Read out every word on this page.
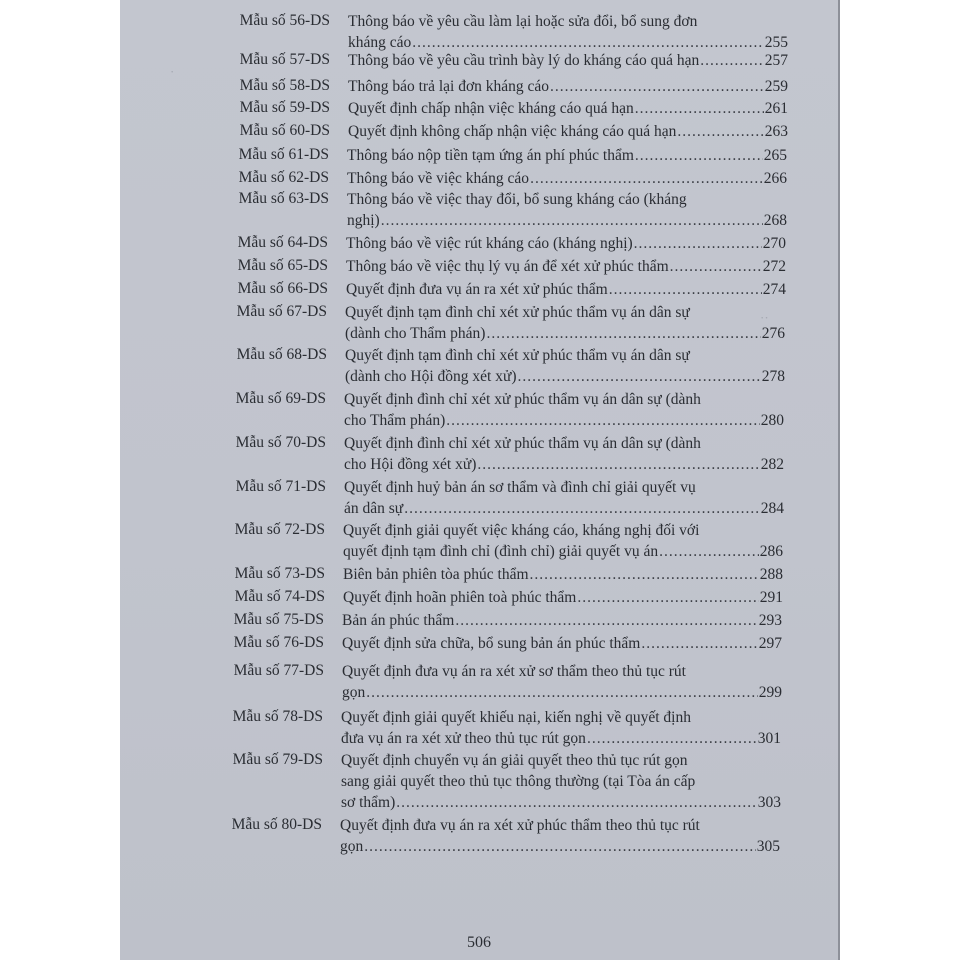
·
··
Mẫu số 56-DS Thông báo về yêu cầu làm lại hoặc sửa đổi, bổ sung đơn
kháng cáo .....	255
Mẫu số 57-DS Thông báo về yêu cầu trình bày lý do kháng cáo quá hạn .....	257
Mẫu số 58-DS Thông báo trả lại đơn kháng cáo .....	259
Mẫu số 59-DS Quyết định chấp nhận việc kháng cáo quá hạn .....	261
Mẫu số 60-DS Quyết định không chấp nhận việc kháng cáo quá hạn .....	263
Mẫu số 61-DS Thông báo nộp tiền tạm ứng án phí phúc thẩm .....	265
Mẫu số 62-DS Thông báo về việc kháng cáo .....	266
Mẫu số 63-DS Thông báo về việc thay đổi, bổ sung kháng cáo (kháng
nghị) .....	268
Mẫu số 64-DS Thông báo về việc rút kháng cáo (kháng nghị) .....	270
Mẫu số 65-DS Thông báo về việc thụ lý vụ án để xét xử phúc thẩm .....	272
Mẫu số 66-DS Quyết định đưa vụ án ra xét xử phúc thẩm .....	274
Mẫu số 67-DS Quyết định tạm đình chỉ xét xử phúc thẩm vụ án dân sự
(dành cho Thẩm phán) .....	276
Mẫu số 68-DS Quyết định tạm đình chỉ xét xử phúc thẩm vụ án dân sự
(dành cho Hội đồng xét xử) .....	278
Mẫu số 69-DS Quyết định đình chỉ xét xử phúc thẩm vụ án dân sự (dành
cho Thẩm phán) .....	280
Mẫu số 70-DS Quyết định đình chỉ xét xử phúc thẩm vụ án dân sự (dành
cho Hội đồng xét xử) .....	282
Mẫu số 71-DS Quyết định huỷ bản án sơ thẩm và đình chỉ giải quyết vụ
án dân sự .....	284
Mẫu số 72-DS Quyết định giải quyết việc kháng cáo, kháng nghị đối với
quyết định tạm đình chỉ (đình chỉ) giải quyết vụ án .....	286
Mẫu số 73-DS Biên bản phiên tòa phúc thẩm .....	288
Mẫu số 74-DS Quyết định hoãn phiên toà phúc thẩm .....	291
Mẫu số 75-DS Bản án phúc thẩm .....	293
Mẫu số 76-DS Quyết định sửa chữa, bổ sung bản án phúc thẩm .....	297
Mẫu số 77-DS Quyết định đưa vụ án ra xét xử sơ thẩm theo thủ tục rút
gọn .....	299
Mẫu số 78-DS Quyết định giải quyết khiếu nại, kiến nghị về quyết định
đưa vụ án ra xét xử theo thủ tục rút gọn .....	301
Mẫu số 79-DS Quyết định chuyển vụ án giải quyết theo thủ tục rút gọn
sang giải quyết theo thủ tục thông thường (tại Tòa án cấp
sơ thẩm) .....	303
Mẫu số 80-DS Quyết định đưa vụ án ra xét xử phúc thẩm theo thủ tục rút
gọn .....	305
506
